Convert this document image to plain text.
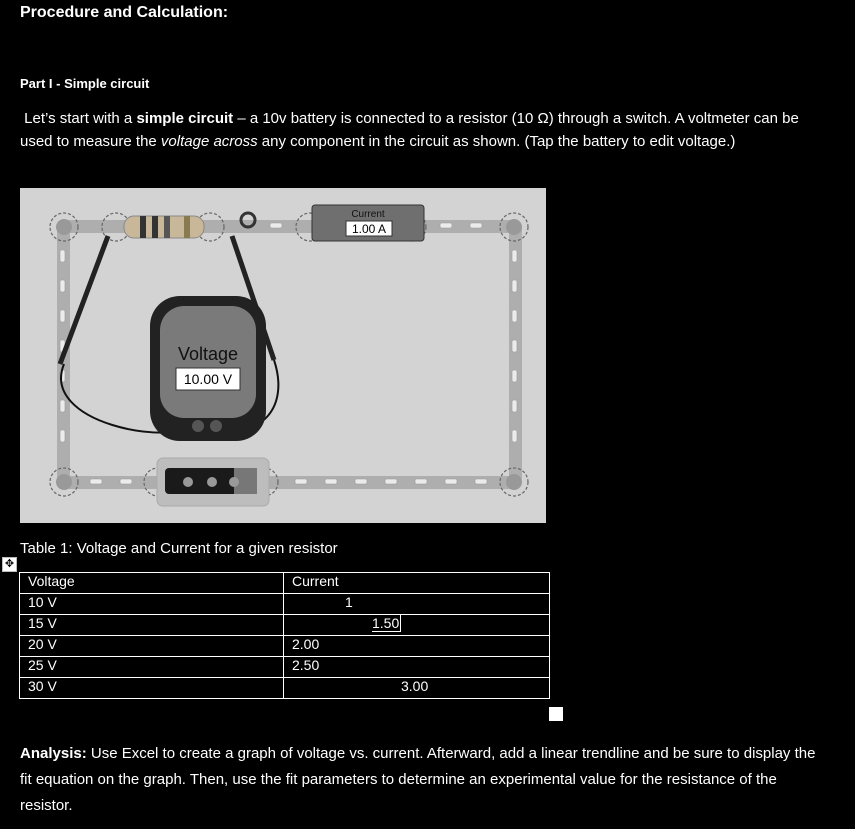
Procedure and Calculation:
Part I - Simple circuit
Let’s start with a simple circuit – a 10v battery is connected to a resistor (10 Ω) through a switch. A voltmeter can be used to measure the voltage across any component in the circuit as shown. (Tap the battery to edit voltage.)
Current
1.00 A
Voltage
10.00 V
Table 1: Voltage and Current for a given resistor
✥
Voltage	Current
10 V	1
15 V	1.50
20 V	2.00
25 V	2.50
30 V	3.00
Analysis: Use Excel to create a graph of voltage vs. current. Afterward, add a linear trendline and be sure to display the fit equation on the graph. Then, use the fit parameters to determine an experimental value for the resistance of the resistor.
